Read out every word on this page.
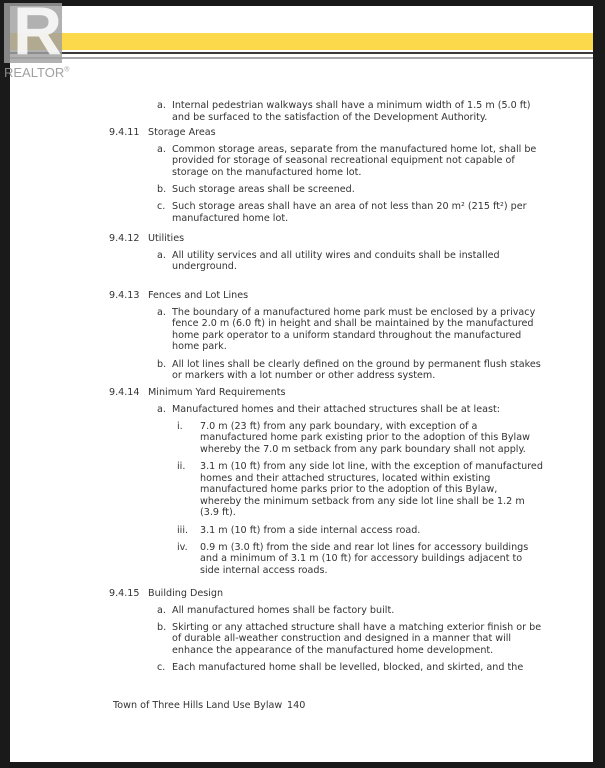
R
REALTOR®
a. Internal pedestrian walkways shall have a minimum width of 1.5 m (5.0 ft)
and be surfaced to the satisfaction of the Development Authority.
9.4.11 Storage Areas
a. Common storage areas, separate from the manufactured home lot, shall be
provided for storage of seasonal recreational equipment not capable of
storage on the manufactured home lot.
b. Such storage areas shall be screened.
c. Such storage areas shall have an area of not less than 20 m² (215 ft²) per
manufactured home lot.
9.4.12 Utilities
a. All utility services and all utility wires and conduits shall be installed
underground.
9.4.13 Fences and Lot Lines
a. The boundary of a manufactured home park must be enclosed by a privacy
fence 2.0 m (6.0 ft) in height and shall be maintained by the manufactured
home park operator to a uniform standard throughout the manufactured
home park.
b. All lot lines shall be clearly defined on the ground by permanent flush stakes
or markers with a lot number or other address system.
9.4.14 Minimum Yard Requirements
a. Manufactured homes and their attached structures shall be at least:
i. 7.0 m (23 ft) from any park boundary, with exception of a
manufactured home park existing prior to the adoption of this Bylaw
whereby the 7.0 m setback from any park boundary shall not apply.
ii. 3.1 m (10 ft) from any side lot line, with the exception of manufactured
homes and their attached structures, located within existing
manufactured home parks prior to the adoption of this Bylaw,
whereby the minimum setback from any side lot line shall be 1.2 m
(3.9 ft).
iii. 3.1 m (10 ft) from a side internal access road.
iv. 0.9 m (3.0 ft) from the side and rear lot lines for accessory buildings
and a minimum of 3.1 m (10 ft) for accessory buildings adjacent to
side internal access roads.
9.4.15 Building Design
a. All manufactured homes shall be factory built.
b. Skirting or any attached structure shall have a matching exterior finish or be
of durable all-weather construction and designed in a manner that will
enhance the appearance of the manufactured home development.
c. Each manufactured home shall be levelled, blocked, and skirted, and the
Town of Three Hills Land Use Bylaw 140
